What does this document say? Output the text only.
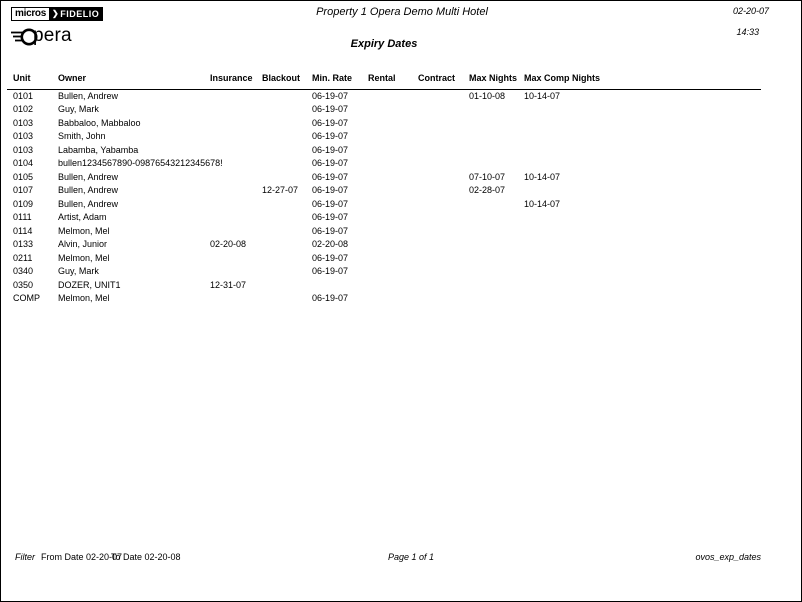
micros ❯ FIDELIO
pera
Property 1 Opera Demo Multi Hotel
Expiry Dates
02-20-07
14:33
Unit	Owner	Insurance	Blackout	Min. Rate	Rental	Contract	Max Nights	Max Comp Nights
0101	Bullen, Andrew			06-19-07			01-10-08	10-14-07
0102	Guy, Mark			06-19-07				
0103	Babbaloo, Mabbaloo			06-19-07				
0103	Smith, John			06-19-07				
0103	Labamba, Yabamba			06-19-07				
0104	bullen1234567890-09876543212345678!			06-19-07				
0105	Bullen, Andrew			06-19-07			07-10-07	10-14-07
0107	Bullen, Andrew		12-27-07	06-19-07			02-28-07	
0109	Bullen, Andrew			06-19-07				10-14-07
0111	Artist, Adam			06-19-07				
0114	Melmon, Mel			06-19-07				
0133	Alvin, Junior	02-20-08		02-20-08				
0211	Melmon, Mel			06-19-07				
0340	Guy, Mark			06-19-07				
0350	DOZER, UNIT1	12-31-07						
COMP	Melmon, Mel			06-19-07				
Filter From Date 02-20-07
To Date 02-20-08	Page 1 of 1	ovos_exp_dates
